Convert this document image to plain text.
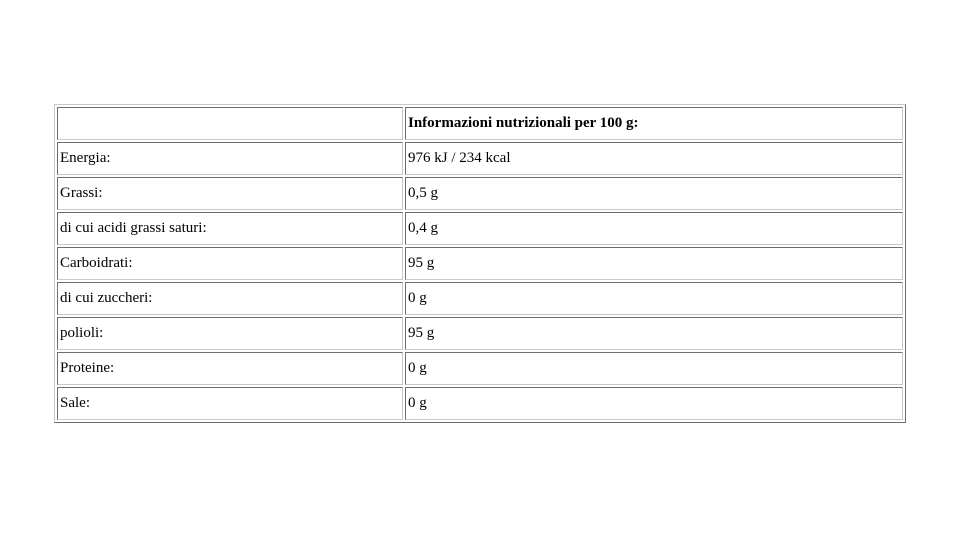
	Informazioni nutrizionali per 100 g:
Energia:	976 kJ / 234 kcal
Grassi:	0,5 g
di cui acidi grassi saturi:	0,4 g
Carboidrati:	95 g
di cui zuccheri:	0 g
polioli:	95 g
Proteine:	0 g
Sale:	0 g
